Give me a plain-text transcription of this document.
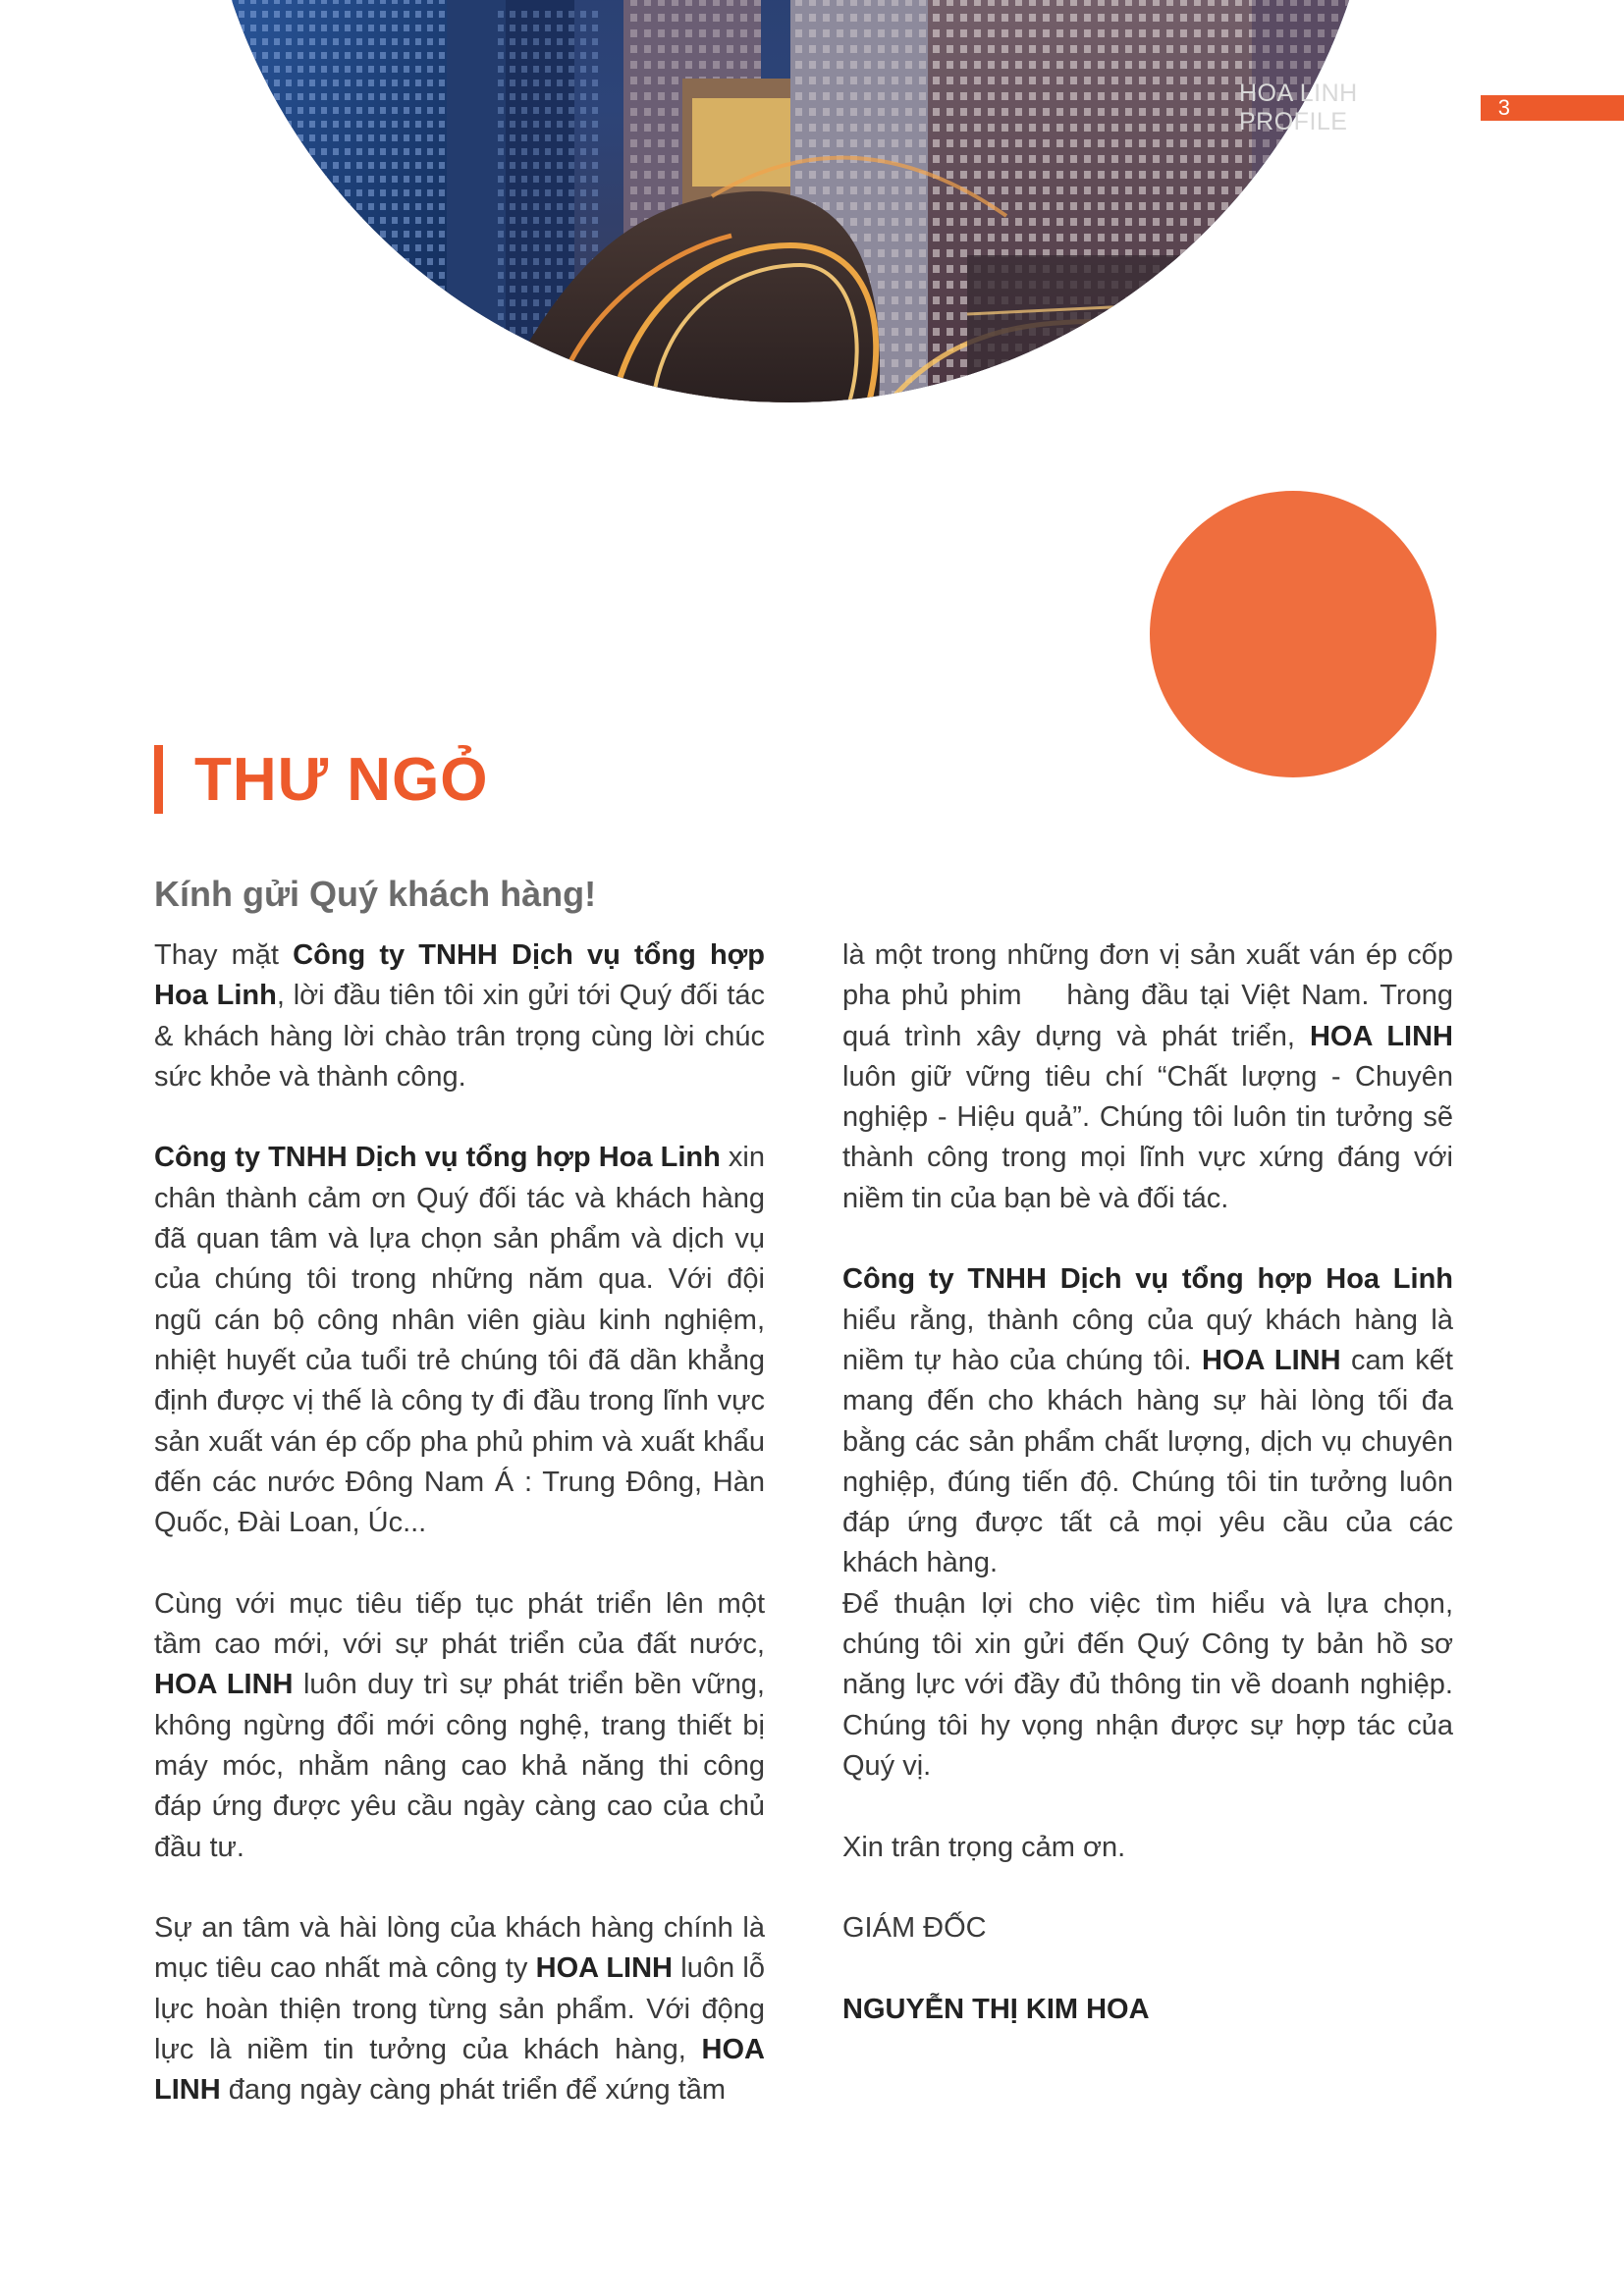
HOA LINH PROFILE
3
THƯ NGỎ

Kính gửi Quý khách hàng!

Thay mặt Công ty TNHH Dịch vụ tổng hợp Hoa Linh, lời đầu tiên tôi xin gửi tới Quý đối tác & khách hàng lời chào trân trọng cùng lời chúc sức khỏe và thành công.

Công ty TNHH Dịch vụ tổng hợp Hoa Linh xin chân thành cảm ơn Quý đối tác và khách hàng đã quan tâm và lựa chọn sản phẩm và dịch vụ của chúng tôi trong những năm qua. Với đội ngũ cán bộ công nhân viên giàu kinh nghiệm, nhiệt huyết của tuổi trẻ chúng tôi đã dần khẳng định được vị thế là công ty đi đầu trong lĩnh vực sản xuất ván ép cốp pha phủ phim và xuất khẩu đến các nước Đông Nam Á : Trung Đông, Hàn Quốc, Đài Loan, Úc...

Cùng với mục tiêu tiếp tục phát triển lên một tầm cao mới, với sự phát triển của đất nước, HOA LINH luôn duy trì sự phát triển bền vững, không ngừng đổi mới công nghệ, trang thiết bị máy móc, nhằm nâng cao khả năng thi công đáp ứng được yêu cầu ngày càng cao của chủ đầu tư.

Sự an tâm và hài lòng của khách hàng chính là mục tiêu cao nhất mà công ty HOA LINH luôn lỗ lực hoàn thiện trong từng sản phẩm. Với động lực là niềm tin tưởng của khách hàng, HOA LINH đang ngày càng phát triển để xứng tầm

là một trong những đơn vị sản xuất ván ép cốp pha phủ phim    hàng đầu tại Việt Nam. Trong quá trình xây dựng và phát triển, HOA LINH luôn giữ vững tiêu chí “Chất lượng - Chuyên nghiệp - Hiệu quả”. Chúng tôi luôn tin tưởng sẽ thành công trong mọi lĩnh vực xứng đáng với niềm tin của bạn bè và đối tác.

Công ty TNHH Dịch vụ tổng hợp Hoa Linh hiểu rằng, thành công của quý khách hàng là niềm tự hào của chúng tôi. HOA LINH cam kết mang đến cho khách hàng sự hài lòng tối đa bằng các sản phẩm chất lượng, dịch vụ chuyên nghiệp, đúng tiến độ. Chúng tôi tin tưởng luôn đáp ứng được tất cả mọi yêu cầu của các khách hàng.

Để thuận lợi cho việc tìm hiểu và lựa chọn, chúng tôi xin gửi đến Quý Công ty bản hồ sơ năng lực với đầy đủ thông tin về doanh nghiệp. Chúng tôi hy vọng nhận được sự hợp tác của Quý vị.

Xin trân trọng cảm ơn.

GIÁM ĐỐC

NGUYỄN THỊ KIM HOA
